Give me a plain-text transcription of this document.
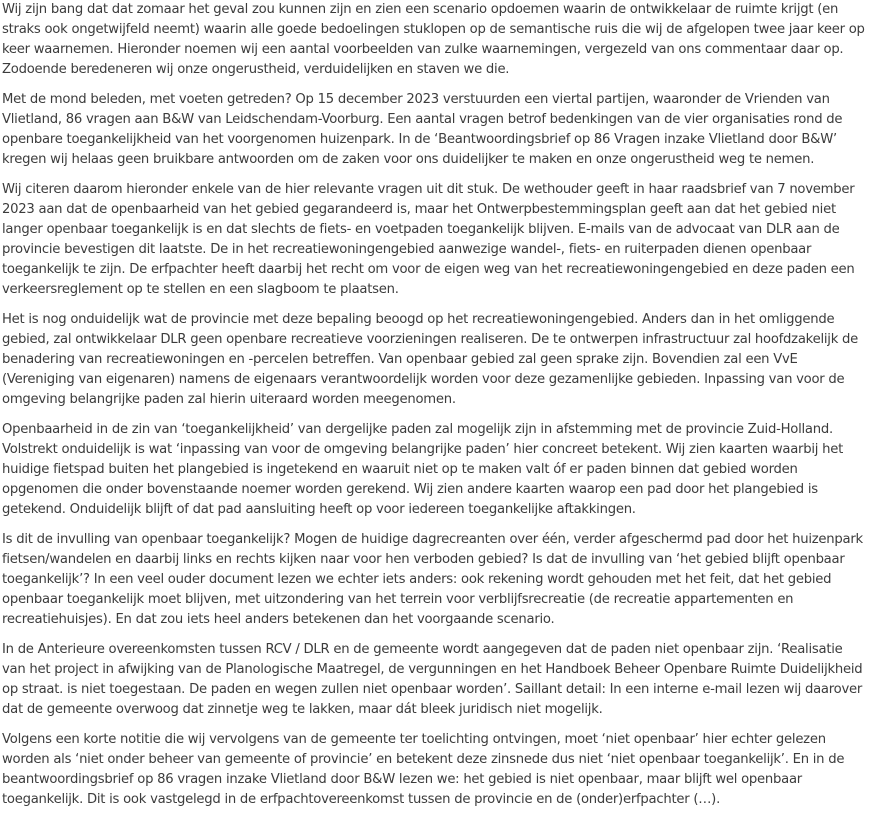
Wij zijn bang dat dat zomaar het geval zou kunnen zijn en zien een scenario opdoemen waarin de ontwikkelaar de ruimte krijgt (en straks ook ongetwijfeld neemt) waarin alle goede bedoelingen stuklopen op de semantische ruis die wij de afgelopen twee jaar keer op keer waarnemen. Hieronder noemen wij een aantal voorbeelden van zulke waarnemingen, vergezeld van ons commentaar daar op. Zodoende beredeneren wij onze ongerustheid, verduidelijken en staven we die.

Met de mond beleden, met voeten getreden? Op 15 december 2023 verstuurden een viertal partijen, waaronder de Vrienden van Vlietland, 86 vragen aan B&W van Leidschendam-Voorburg. Een aantal vragen betrof bedenkingen van de vier organisaties rond de openbare toegankelijkheid van het voorgenomen huizenpark. In de ‘Beantwoordingsbrief op 86 Vragen inzake Vlietland door B&W’ kregen wij helaas geen bruikbare antwoorden om de zaken voor ons duidelijker te maken en onze ongerustheid weg te nemen.

Wij citeren daarom hieronder enkele van de hier relevante vragen uit dit stuk. De wethouder geeft in haar raadsbrief van 7 november 2023 aan dat de openbaarheid van het gebied gegarandeerd is, maar het Ontwerpbestemmingsplan geeft aan dat het gebied niet langer openbaar toegankelijk is en dat slechts de fiets- en voetpaden toegankelijk blijven. E-mails van de advocaat van DLR aan de provincie bevestigen dit laatste. De in het recreatiewoningengebied aanwezige wandel-, fiets- en ruiterpaden dienen openbaar toegankelijk te zijn. De erfpachter heeft daarbij het recht om voor de eigen weg van het recreatiewoningengebied en deze paden een verkeersreglement op te stellen en een slagboom te plaatsen.

Het is nog onduidelijk wat de provincie met deze bepaling beoogd op het recreatiewoningengebied. Anders dan in het omliggende gebied, zal ontwikkelaar DLR geen openbare recreatieve voorzieningen realiseren. De te ontwerpen infrastructuur zal hoofdzakelijk de benadering van recreatiewoningen en -percelen betreffen. Van openbaar gebied zal geen sprake zijn. Bovendien zal een VvE (Vereniging van eigenaren) namens de eigenaars verantwoordelijk worden voor deze gezamenlijke gebieden. Inpassing van voor de omgeving belangrijke paden zal hierin uiteraard worden meegenomen.

Openbaarheid in de zin van ‘toegankelijkheid’ van dergelijke paden zal mogelijk zijn in afstemming met de provincie Zuid-Holland. Volstrekt onduidelijk is wat ‘inpassing van voor de omgeving belangrijke paden’ hier concreet betekent. Wij zien kaarten waarbij het huidige fietspad buiten het plangebied is ingetekend en waaruit niet op te maken valt óf er paden binnen dat gebied worden opgenomen die onder bovenstaande noemer worden gerekend. Wij zien andere kaarten waarop een pad door het plangebied is getekend. Onduidelijk blijft of dat pad aansluiting heeft op voor iedereen toegankelijke aftakkingen.

Is dit de invulling van openbaar toegankelijk? Mogen de huidige dagrecreanten over één, verder afgeschermd pad door het huizenpark fietsen/wandelen en daarbij links en rechts kijken naar voor hen verboden gebied? Is dat de invulling van ‘het gebied blijft openbaar toegankelijk’? In een veel ouder document lezen we echter iets anders: ook rekening wordt gehouden met het feit, dat het gebied openbaar toegankelijk moet blijven, met uitzondering van het terrein voor verblijfsrecreatie (de recreatie appartementen en recreatiehuisjes). En dat zou iets heel anders betekenen dan het voorgaande scenario.

In de Anterieure overeenkomsten tussen RCV / DLR en de gemeente wordt aangegeven dat de paden niet openbaar zijn. ‘Realisatie van het project in afwijking van de Planologische Maatregel, de vergunningen en het Handboek Beheer Openbare Ruimte Duidelijkheid op straat. is niet toegestaan. De paden en wegen zullen niet openbaar worden’. Saillant detail: In een interne e-mail lezen wij daarover dat de gemeente overwoog dat zinnetje weg te lakken, maar dát bleek juridisch niet mogelijk.

Volgens een korte notitie die wij vervolgens van de gemeente ter toelichting ontvingen, moet ‘niet openbaar’ hier echter gelezen worden als ‘niet onder beheer van gemeente of provincie’ en betekent deze zinsnede dus niet ‘niet openbaar toegankelijk’. En in de beantwoordingsbrief op 86 vragen inzake Vlietland door B&W lezen we: het gebied is niet openbaar, maar blijft wel openbaar toegankelijk. Dit is ook vastgelegd in de erfpachtovereenkomst tussen de provincie en de (onder)erfpachter (…).
